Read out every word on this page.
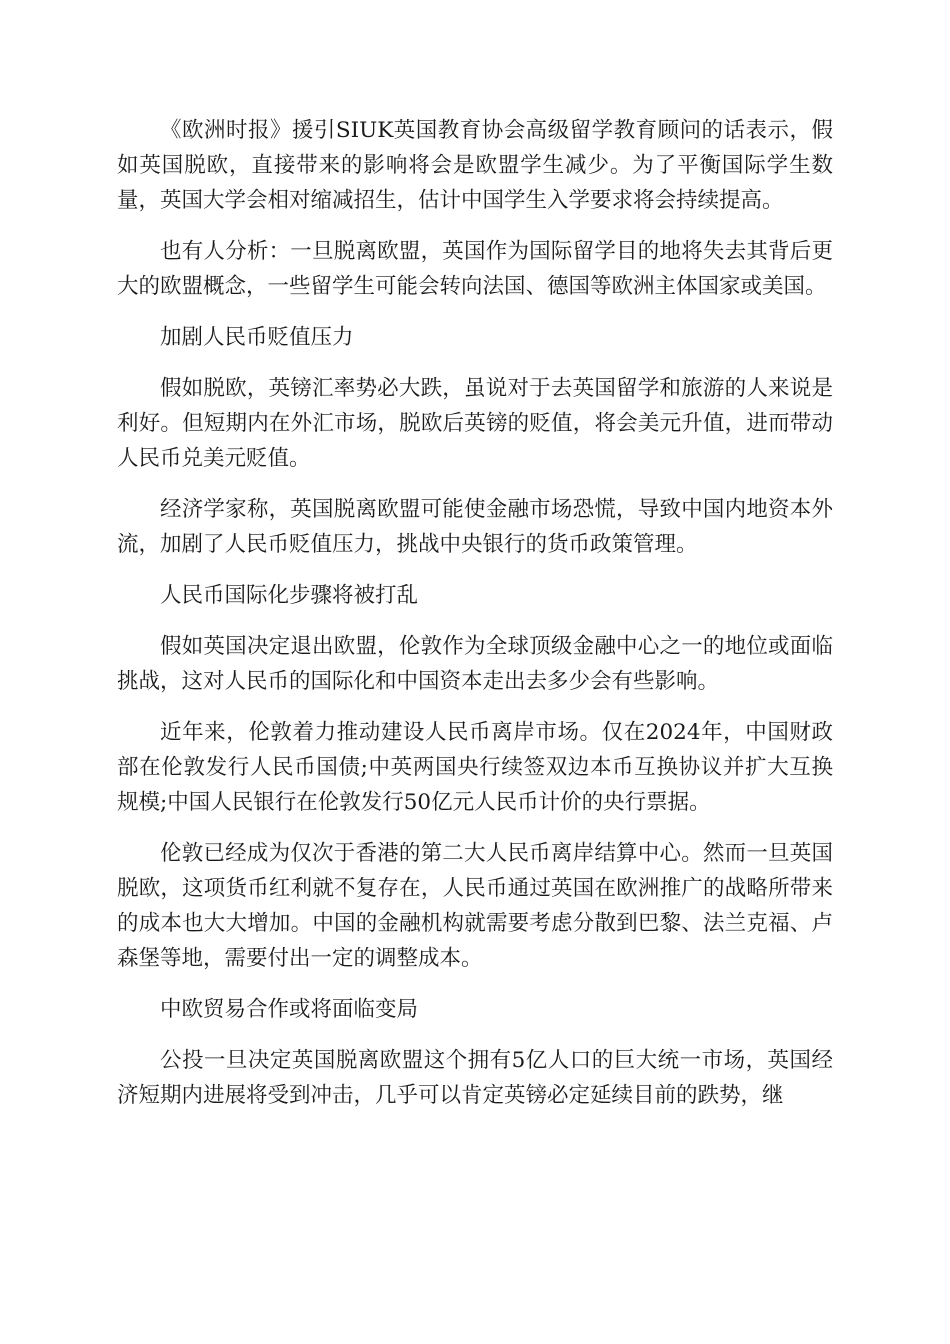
《欧洲时报》援引SIUK英国教育协会高级留学教育顾问的话表示，假如英国脱欧，直接带来的影响将会是欧盟学生减少。为了平衡国际学生数量，英国大学会相对缩减招生，估计中国学生入学要求将会持续提高。

也有人分析：一旦脱离欧盟，英国作为国际留学目的地将失去其背后更大的欧盟概念，一些留学生可能会转向法国、德国等欧洲主体国家或美国。

加剧人民币贬值压力

假如脱欧，英镑汇率势必大跌，虽说对于去英国留学和旅游的人来说是利好。但短期内在外汇市场，脱欧后英镑的贬值，将会美元升值，进而带动人民币兑美元贬值。

经济学家称，英国脱离欧盟可能使金融市场恐慌，导致中国内地资本外流，加剧了人民币贬值压力，挑战中央银行的货币政策管理。

人民币国际化步骤将被打乱

假如英国决定退出欧盟，伦敦作为全球顶级金融中心之一的地位或面临挑战，这对人民币的国际化和中国资本走出去多少会有些影响。

近年来，伦敦着力推动建设人民币离岸市场。仅在2024年，中国财政部在伦敦发行人民币国债;中英两国央行续签双边本币互换协议并扩大互换规模;中国人民银行在伦敦发行50亿元人民币计价的央行票据。

伦敦已经成为仅次于香港的第二大人民币离岸结算中心。然而一旦英国脱欧，这项货币红利就不复存在，人民币通过英国在欧洲推广的战略所带来的成本也大大增加。中国的金融机构就需要考虑分散到巴黎、法兰克福、卢森堡等地，需要付出一定的调整成本。

中欧贸易合作或将面临变局

公投一旦决定英国脱离欧盟这个拥有5亿人口的巨大统一市场，英国经济短期内进展将受到冲击，几乎可以肯定英镑必定延续目前的跌势，继
